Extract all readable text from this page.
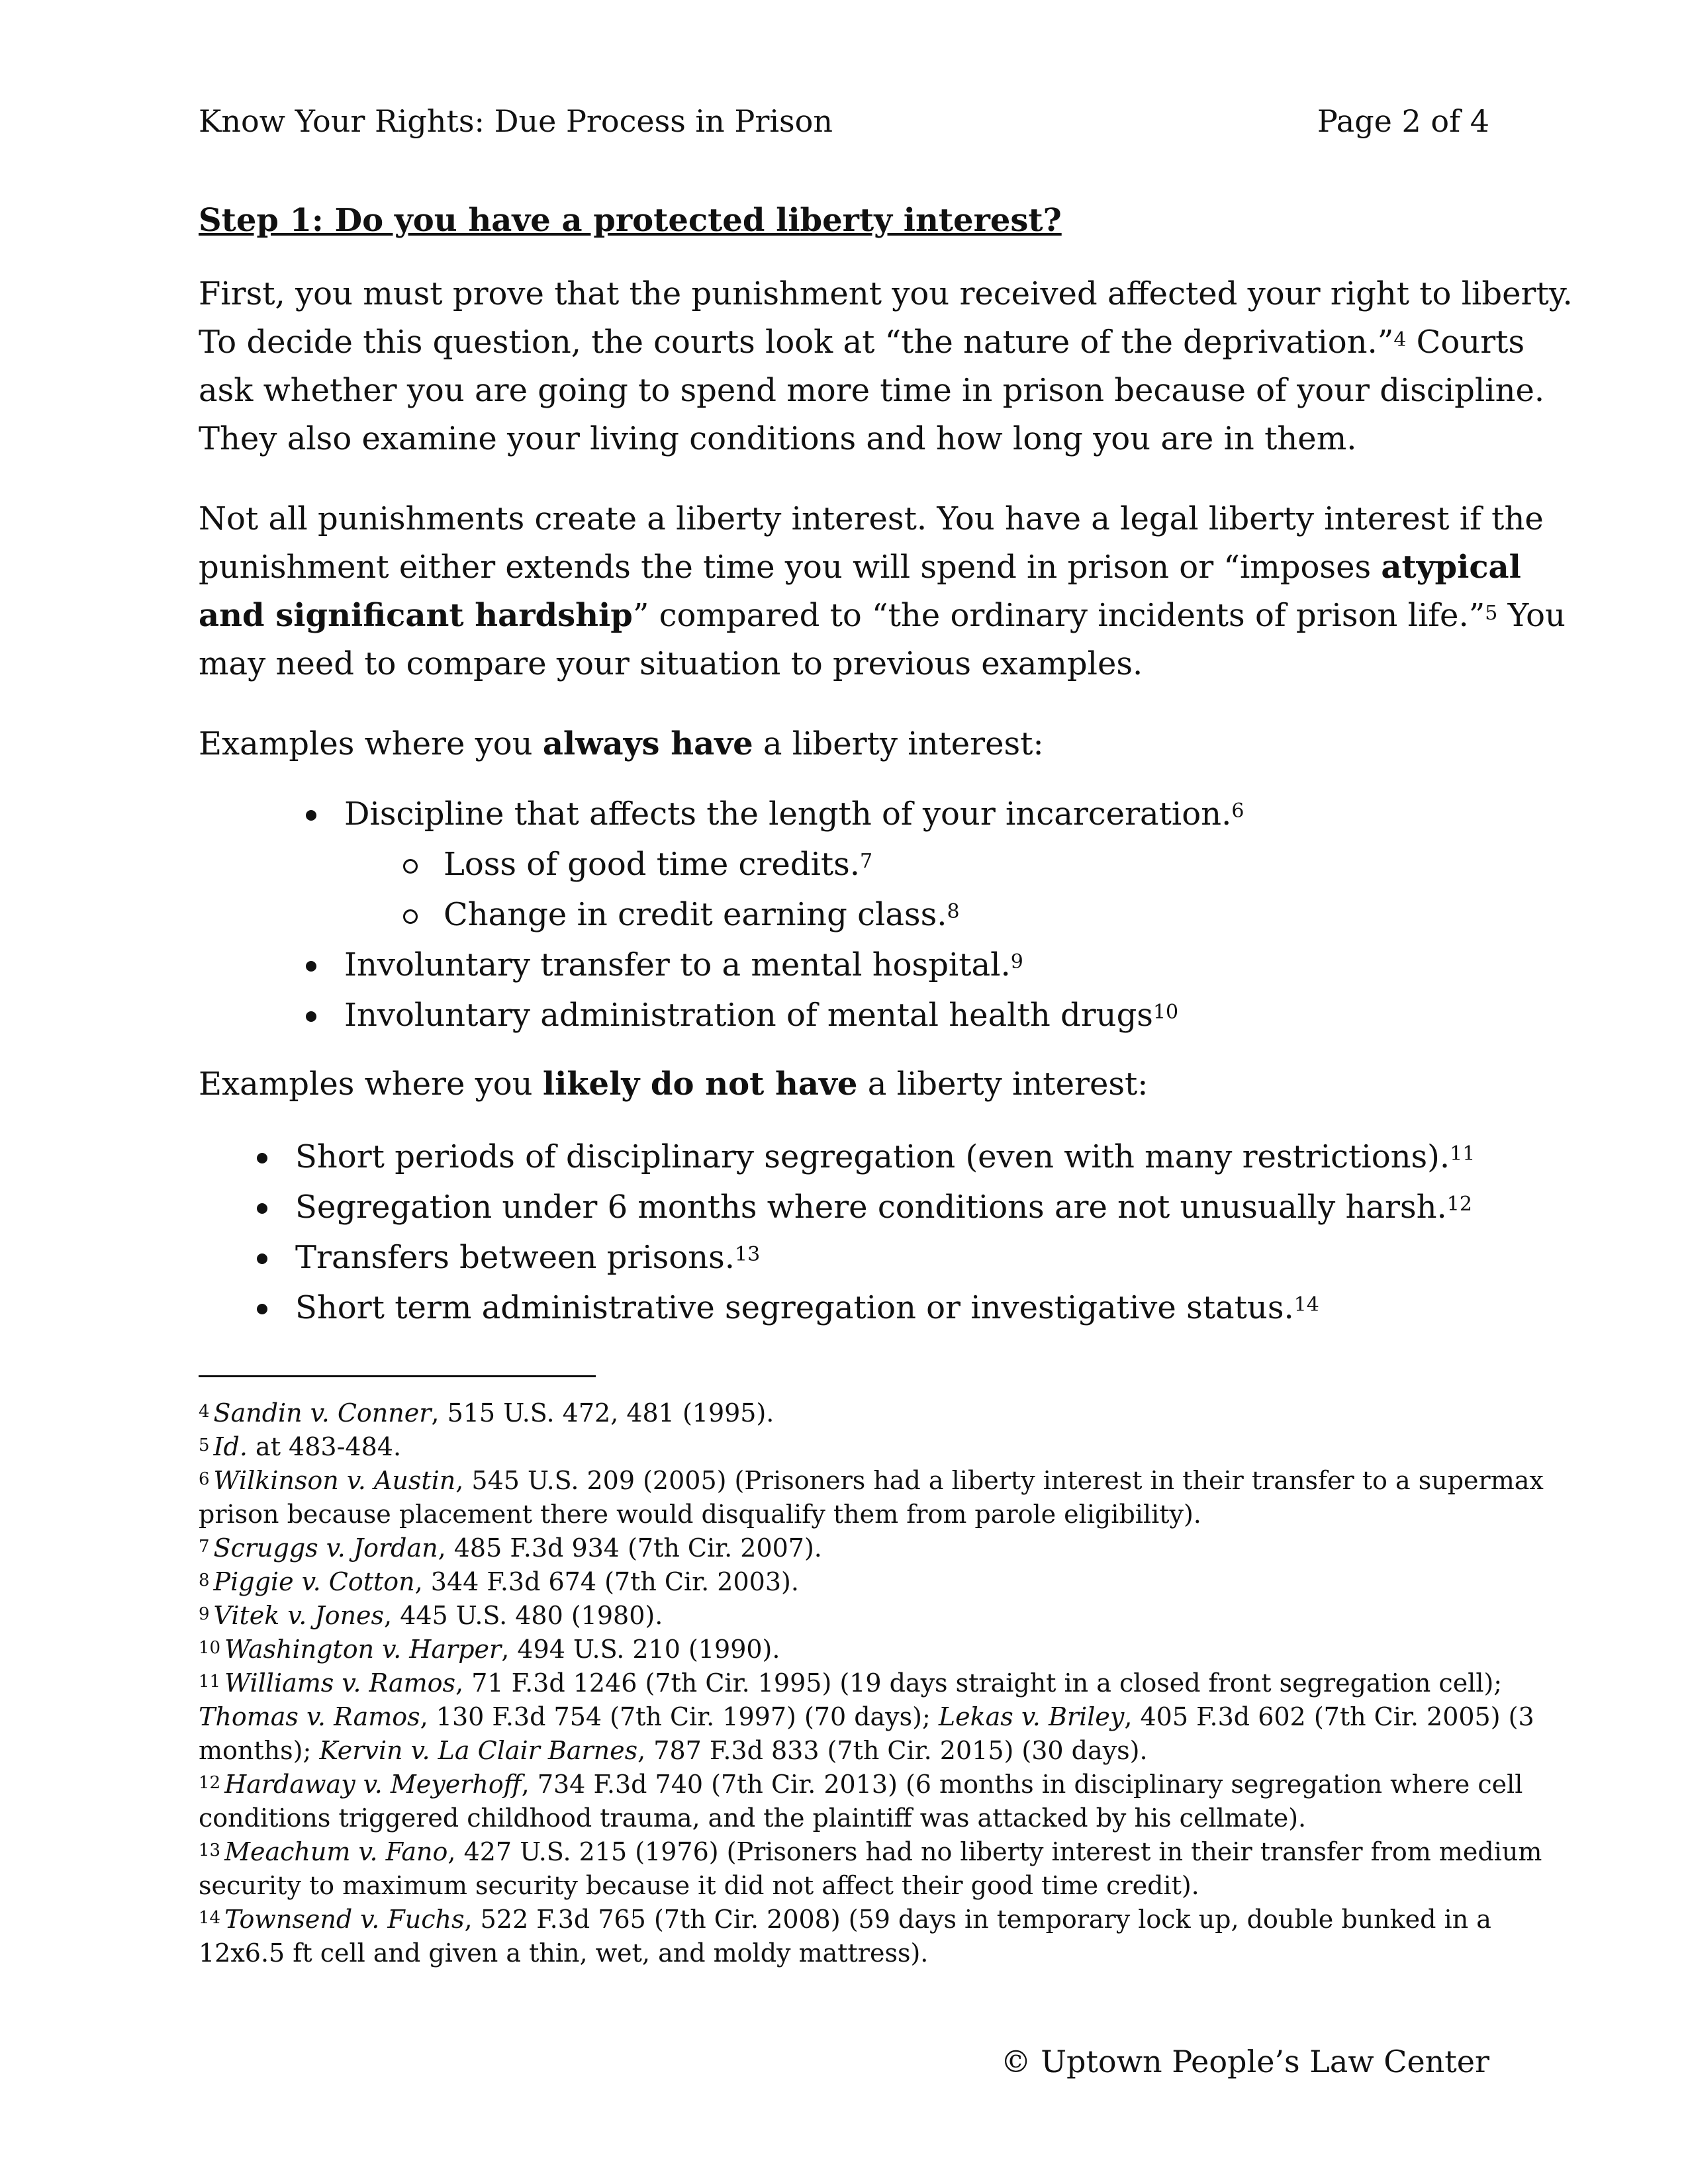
Know Your Rights: Due Process in Prison	Page 2 of 4
Step 1: Do you have a protected liberty interest?
First, you must prove that the punishment you received affected your right to liberty.
To decide this question, the courts look at “the nature of the deprivation.”$^4$ Courts
ask whether you are going to spend more time in prison because of your discipline.
They also examine your living conditions and how long you are in them.
Not all punishments create a liberty interest. You have a legal liberty interest if the
punishment either extends the time you will spend in prison or “imposes atypical
and significant hardship” compared to “the ordinary incidents of prison life.”$^5$ You
may need to compare your situation to previous examples.
Examples where you always have a liberty interest:
Discipline that affects the length of your incarceration.$^6$
Loss of good time credits.$^7$
Change in credit earning class.$^8$
Involuntary transfer to a mental hospital.$^9$
Involuntary administration of mental health drugs$^{10}$
Examples where you likely do not have a liberty interest:
Short periods of disciplinary segregation (even with many restrictions).$^{11}$
Segregation under 6 months where conditions are not unusually harsh.$^{12}$
Transfers between prisons.$^{13}$
Short term administrative segregation or investigative status.$^{14}$
$^4$ Sandin v. Conner, 515 U.S. 472, 481 (1995).
$^5$ Id. at 483-484.
$^6$ Wilkinson v. Austin, 545 U.S. 209 (2005) (Prisoners had a liberty interest in their transfer to a supermax
prison because placement there would disqualify them from parole eligibility).
$^7$ Scruggs v. Jordan, 485 F.3d 934 (7th Cir. 2007).
$^8$ Piggie v. Cotton, 344 F.3d 674 (7th Cir. 2003).
$^9$ Vitek v. Jones, 445 U.S. 480 (1980).
$^{10}$ Washington v. Harper, 494 U.S. 210 (1990).
$^{11}$ Williams v. Ramos, 71 F.3d 1246 (7th Cir. 1995) (19 days straight in a closed front segregation cell);
Thomas v. Ramos, 130 F.3d 754 (7th Cir. 1997) (70 days); Lekas v. Briley, 405 F.3d 602 (7th Cir. 2005) (3
months); Kervin v. La Clair Barnes, 787 F.3d 833 (7th Cir. 2015) (30 days).
$^{12}$ Hardaway v. Meyerhoff, 734 F.3d 740 (7th Cir. 2013) (6 months in disciplinary segregation where cell
conditions triggered childhood trauma, and the plaintiff was attacked by his cellmate).
$^{13}$ Meachum v. Fano, 427 U.S. 215 (1976) (Prisoners had no liberty interest in their transfer from medium
security to maximum security because it did not affect their good time credit).
$^{14}$ Townsend v. Fuchs, 522 F.3d 765 (7th Cir. 2008) (59 days in temporary lock up, double bunked in a
12x6.5 ft cell and given a thin, wet, and moldy mattress).
© Uptown People’s Law Center
